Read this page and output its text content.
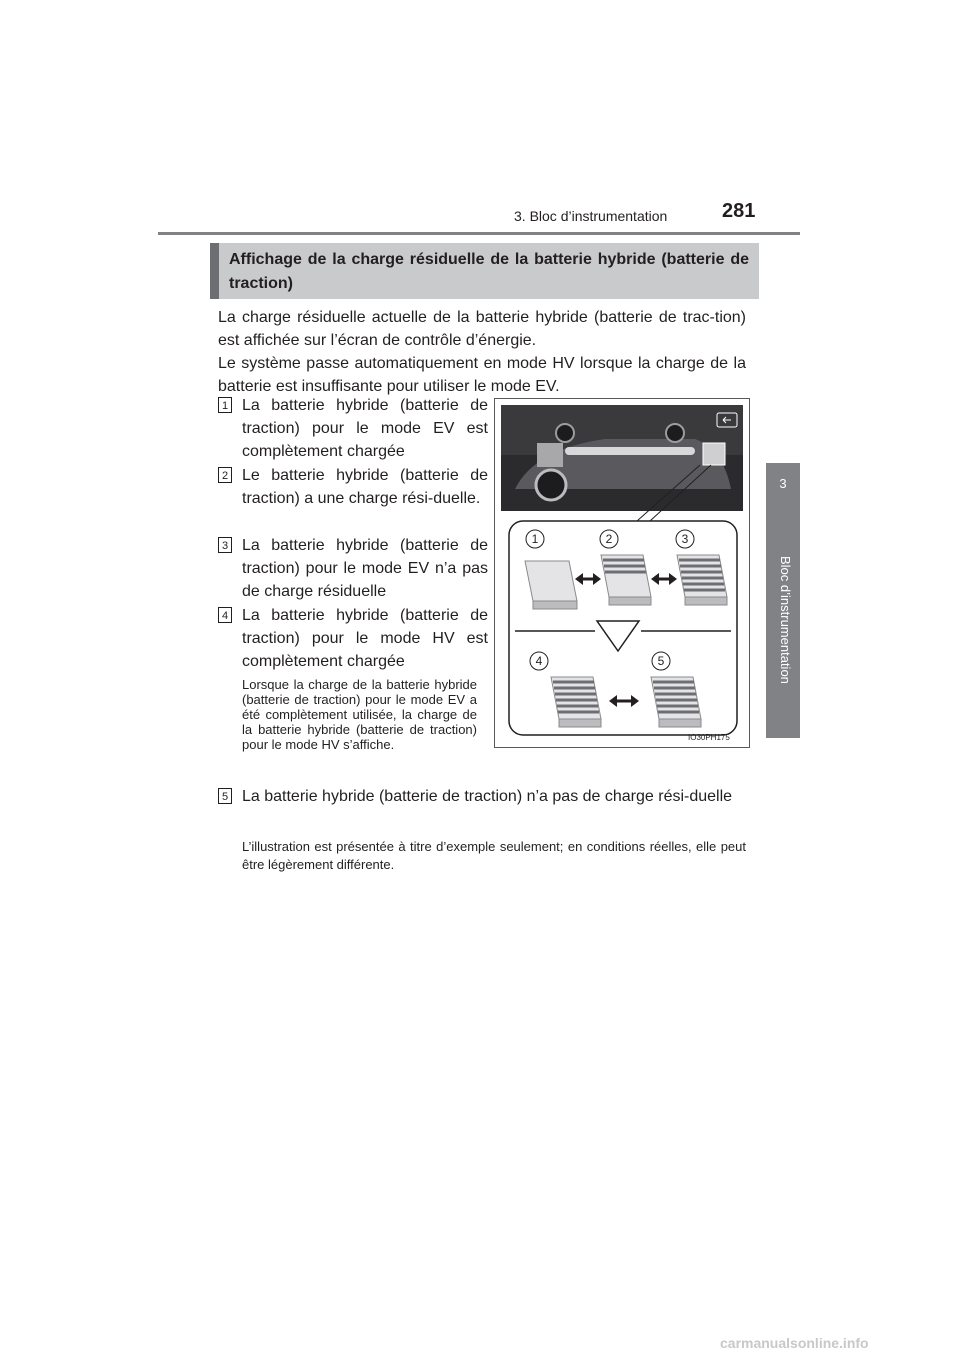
3. Bloc d’instrumentation	281
3
Bloc d’instrumentation
Affichage de la charge résiduelle de la batterie hybride (batterie de traction)
La charge résiduelle actuelle de la batterie hybride (batterie de trac-tion) est affichée sur l’écran de contrôle d’énergie.
Le système passe automatiquement en mode HV lorsque la charge de la batterie est insuffisante pour utiliser le mode EV.
1 La batterie hybride (batterie de traction) pour le mode EV est complètement chargée
2 Le batterie hybride (batterie de traction) a une charge rési-duelle.
3 La batterie hybride (batterie de traction) pour le mode EV n’a pas de charge résiduelle
4 La batterie hybride (batterie de traction) pour le mode HV est complètement chargée
Lorsque la charge de la batterie hybride (batterie de traction) pour le mode EV a été complètement utilisée, la charge de la batterie hybride (batterie de traction) pour le mode HV s’affiche.
1	2	3
4	5
IO30PH175
5 La batterie hybride (batterie de traction) n’a pas de charge rési-duelle
L’illustration est présentée à titre d’exemple seulement; en conditions réelles, elle peut être légèrement différente.
carmanualsonline.info
